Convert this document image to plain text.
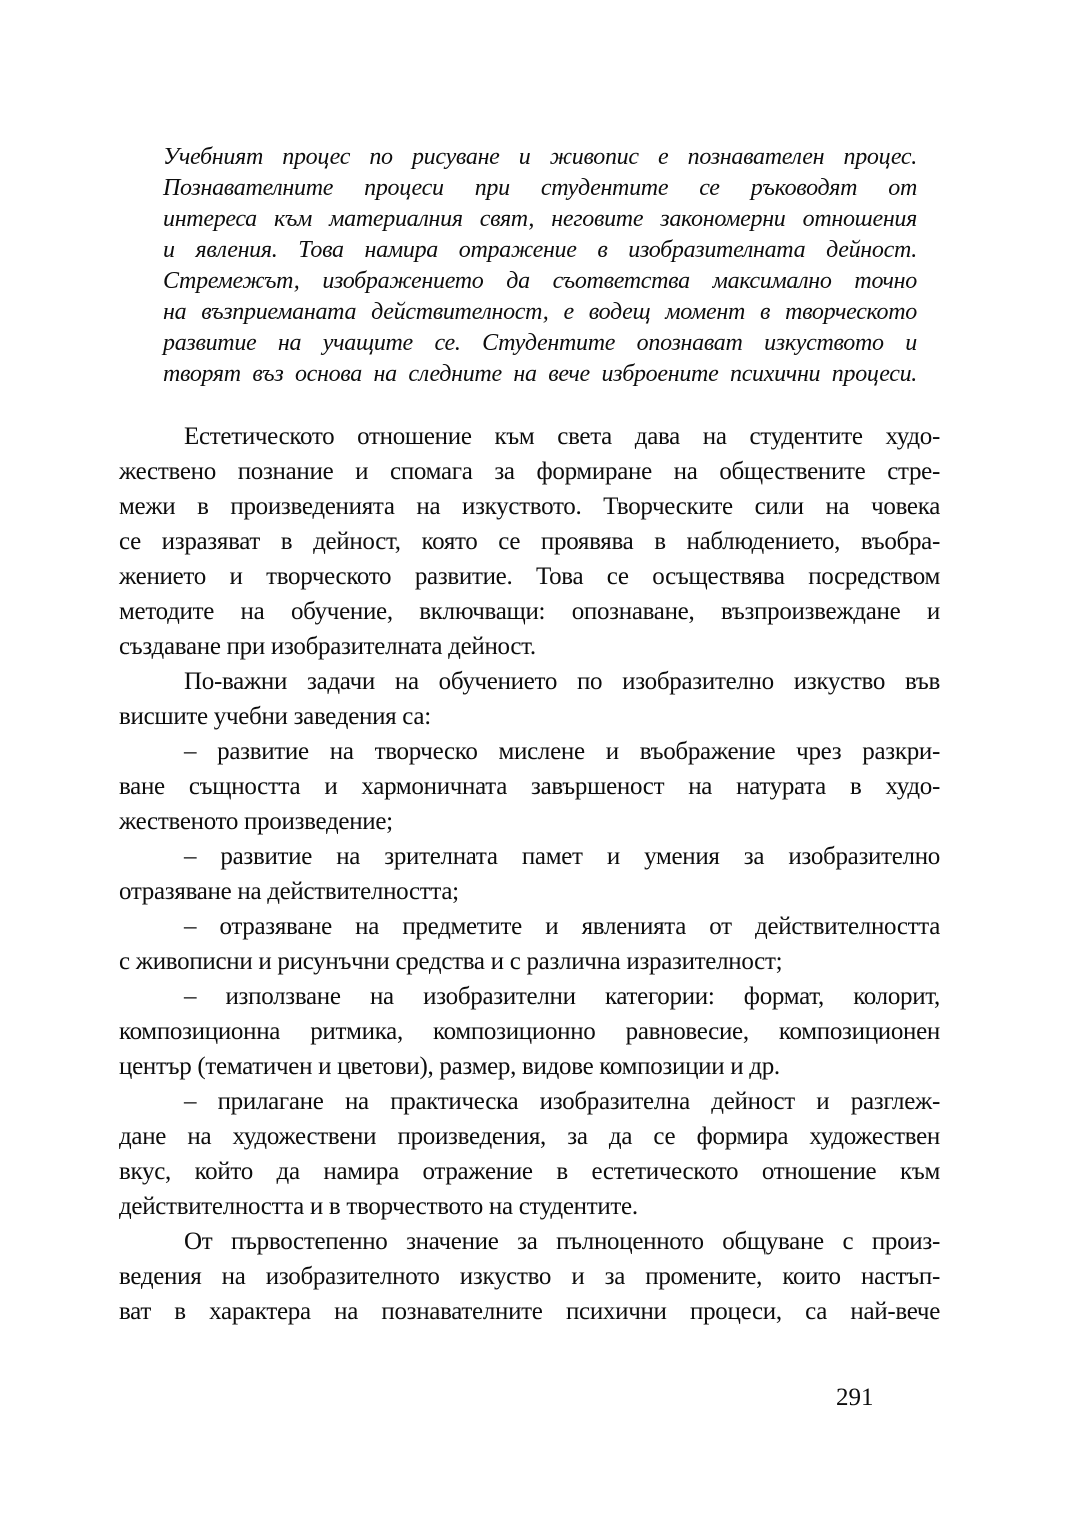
Учебният процес по рисуване и живопис е познавателен процес.
Познавателните процеси при студентите се ръководят от
интереса към материалния свят, неговите закономерни отношения
и явления. Това намира отражение в изобразителната дейност.
Стремежът, изображението да съответства максимално точно
на възприеманата действителност, е водещ момент в творческото
развитие на учащите се. Студентите опознават изкуството и
творят въз основа на следните на вече изброените психични процеси.
Естетическото отношение към света дава на студентите худо-
жествено познание и спомага за формиране на обществените стре-
межи в произведенията на изкуството. Творческите сили на човека
се изразяват в дейност, която се проявява в наблюдението, въобра-
жението и творческото развитие. Това се осъществява посредством
методите на обучение, включващи: опознаване, възпроизвеждане и
създаване при изобразителната дейност.
По-важни задачи на обучението по изобразително изкуство във
висшите учебни заведения са:
– развитие на творческо мислене и въображение чрез разкри-
ване същността и хармоничната завършеност на натурата в худо-
жественото произведение;
– развитие на зрителната памет и умения за изобразително
отразяване на действителността;
– отразяване на предметите и явленията от действителността
с живописни и рисунъчни средства и с различна изразителност;
– използване на изобразителни категории: формат, колорит,
композиционна ритмика, композиционно равновесие, композиционен
център (тематичен и цветови), размер, видове композиции и др.
– прилагане на практическа изобразителна дейност и разглеж-
дане на художествени произведения, за да се формира художествен
вкус, който да намира отражение в естетическото отношение към
действителността и в творчеството на студентите.
От първостепенно значение за пълноценното общуване с произ-
ведения на изобразителното изкуство и за промените, които настъп-
ват в характера на познавателните психични процеси, са най-вече
291
